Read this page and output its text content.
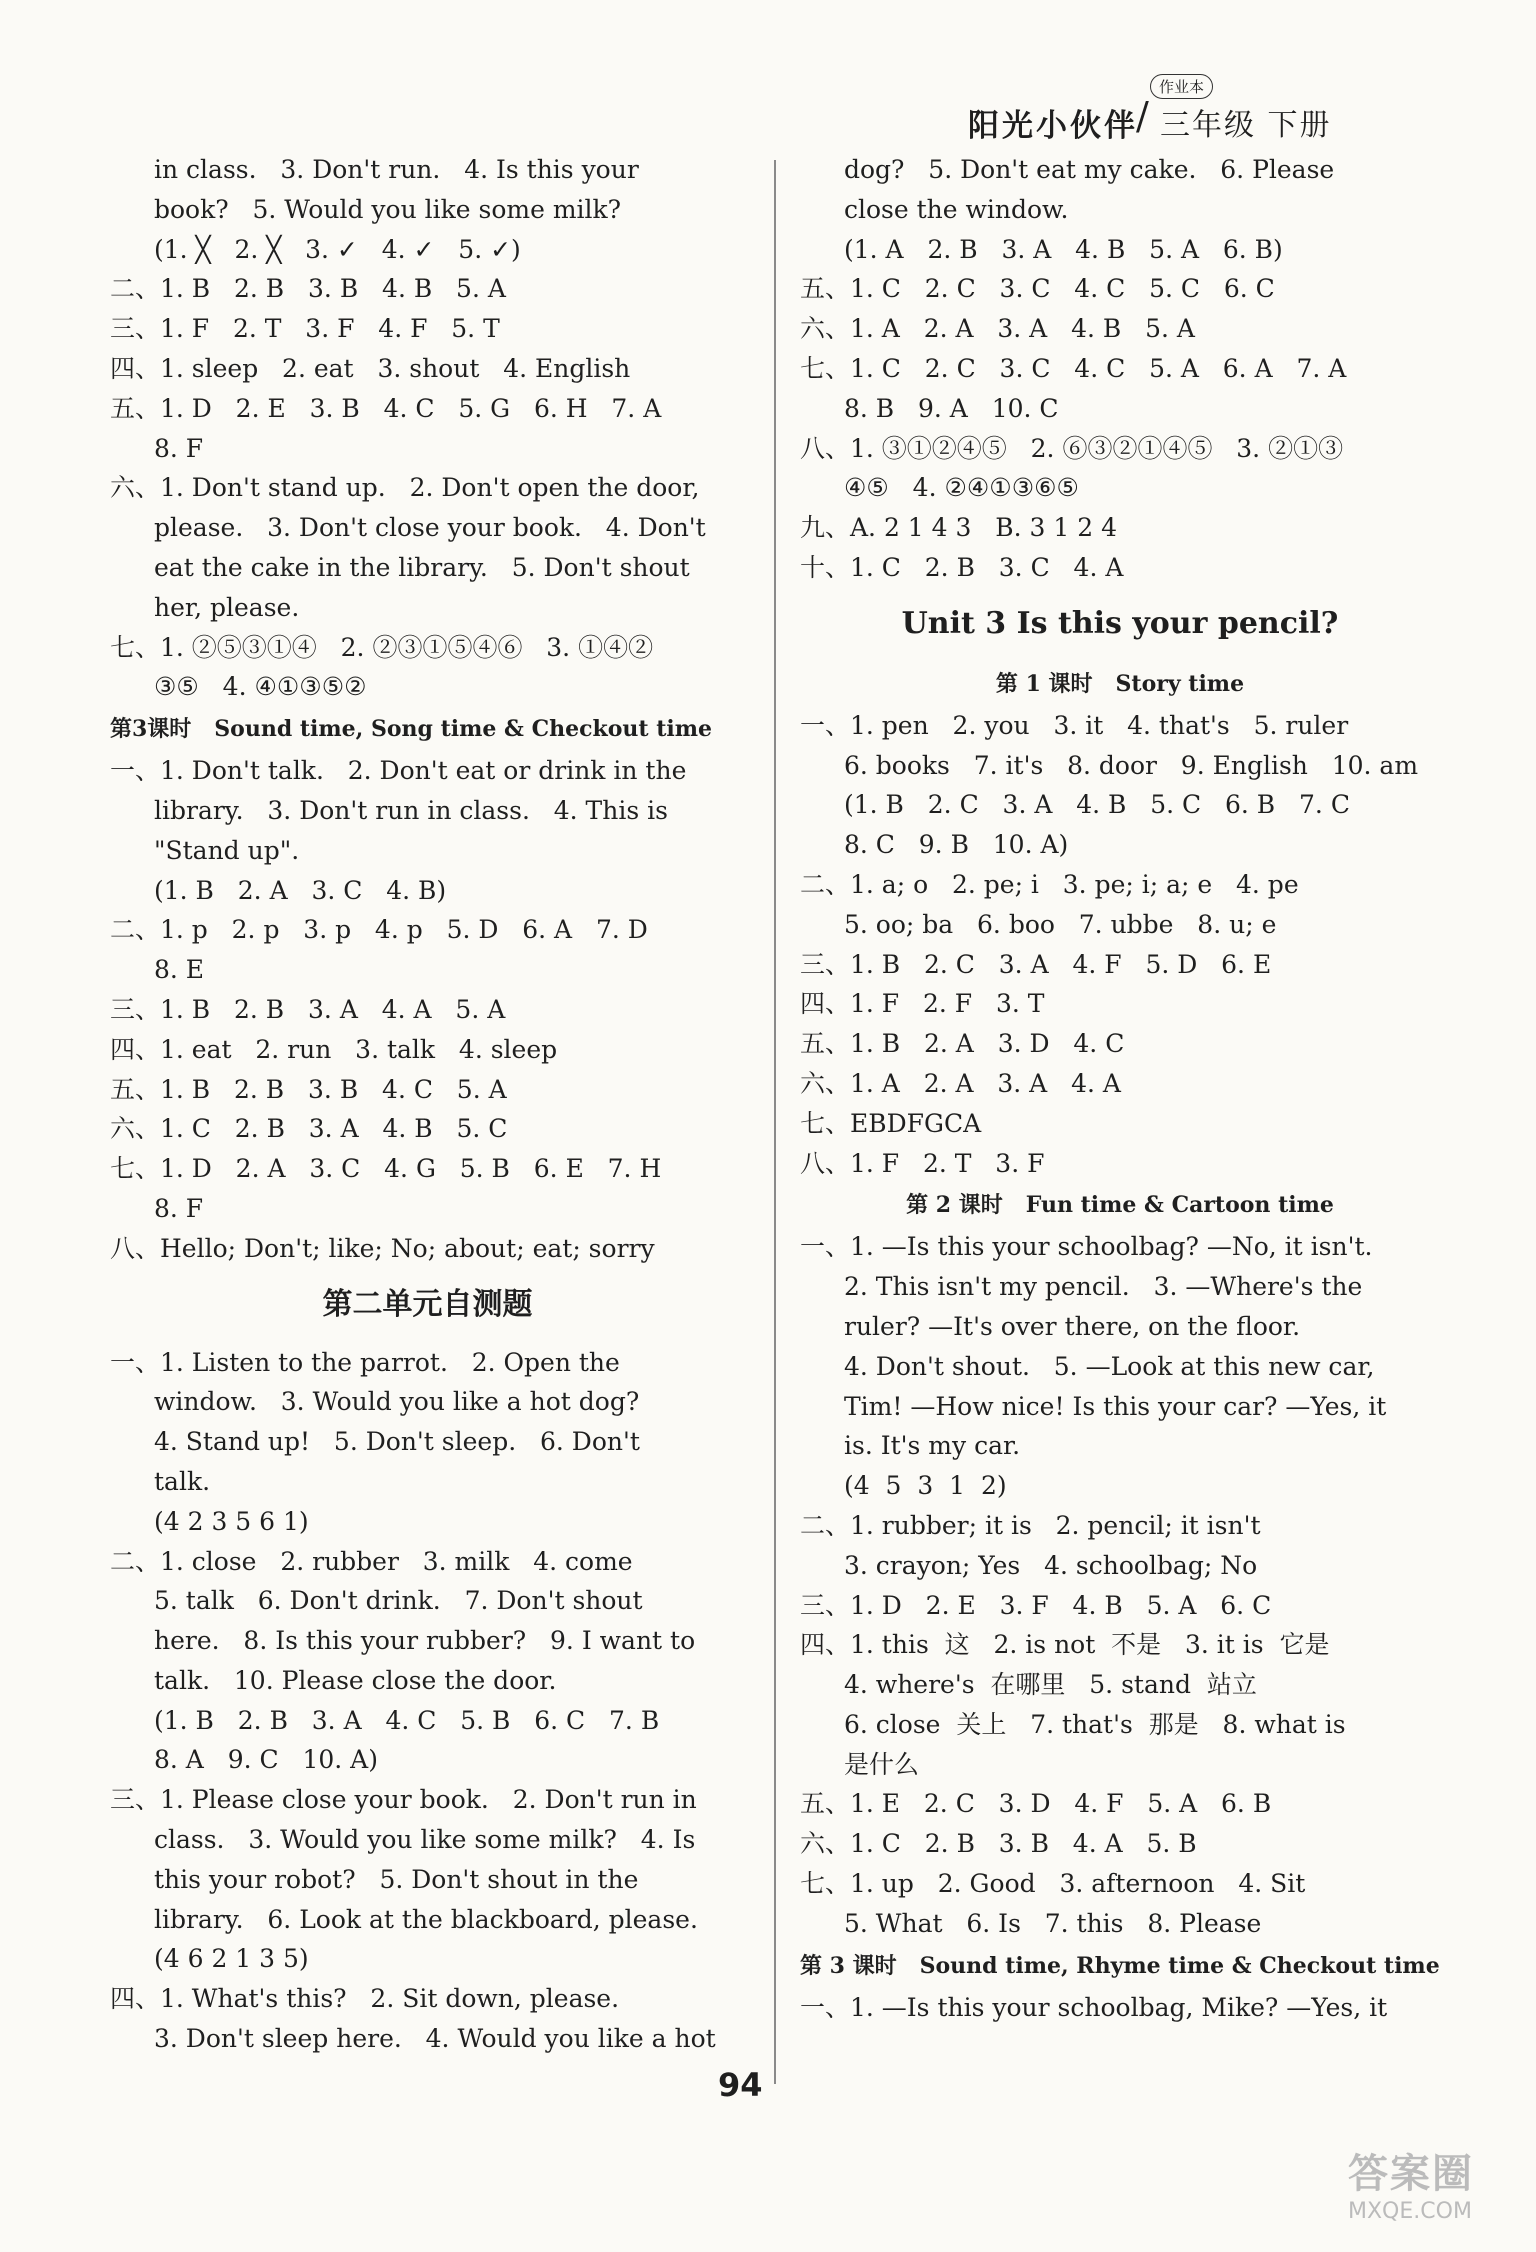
阳光小伙伴
作业本
/ 三年级 下册
in class.   3. Don't run.   4. Is this your
book?   5. Would you like some milk?
(1. ╳   2. ╳   3. ✓   4. ✓   5. ✓)
二、1. B   2. B   3. B   4. B   5. A
三、1. F   2. T   3. F   4. F   5. T
四、1. sleep   2. eat   3. shout   4. English
五、1. D   2. E   3. B   4. C   5. G   6. H   7. A
8. F
六、1. Don't stand up.   2. Don't open the door,
please.   3. Don't close your book.   4. Don't
eat the cake in the library.   5. Don't shout
her, please.
七、1. ②⑤③①④   2. ②③①⑤④⑥   3. ①④②
③⑤   4. ④①③⑤②
第3课时   Sound time, Song time & Checkout time
一、1. Don't talk.   2. Don't eat or drink in the
library.   3. Don't run in class.   4. This is
"Stand up".
(1. B   2. A   3. C   4. B)
二、1. p   2. p   3. p   4. p   5. D   6. A   7. D
8. E
三、1. B   2. B   3. A   4. A   5. A
四、1. eat   2. run   3. talk   4. sleep
五、1. B   2. B   3. B   4. C   5. A
六、1. C   2. B   3. A   4. B   5. C
七、1. D   2. A   3. C   4. G   5. B   6. E   7. H
8. F
八、Hello; Don't; like; No; about; eat; sorry
第二单元自测题
一、1. Listen to the parrot.   2. Open the
window.   3. Would you like a hot dog?
4. Stand up!   5. Don't sleep.   6. Don't
talk.
(4 2 3 5 6 1)
二、1. close   2. rubber   3. milk   4. come
5. talk   6. Don't drink.   7. Don't shout
here.   8. Is this your rubber?   9. I want to
talk.   10. Please close the door.
(1. B   2. B   3. A   4. C   5. B   6. C   7. B
8. A   9. C   10. A)
三、1. Please close your book.   2. Don't run in
class.   3. Would you like some milk?   4. Is
this your robot?   5. Don't shout in the
library.   6. Look at the blackboard, please.
(4 6 2 1 3 5)
四、1. What's this?   2. Sit down, please.
3. Don't sleep here.   4. Would you like a hot
dog?   5. Don't eat my cake.   6. Please
close the window.
(1. A   2. B   3. A   4. B   5. A   6. B)
五、1. C   2. C   3. C   4. C   5. C   6. C
六、1. A   2. A   3. A   4. B   5. A
七、1. C   2. C   3. C   4. C   5. A   6. A   7. A
8. B   9. A   10. C
八、1. ③①②④⑤   2. ⑥③②①④⑤   3. ②①③
④⑤   4. ②④①③⑥⑤
九、A. 2 1 4 3   B. 3 1 2 4
十、1. C   2. B   3. C   4. A
Unit 3 Is this your pencil?
第 1 课时   Story time
一、1. pen   2. you   3. it   4. that's   5. ruler
6. books   7. it's   8. door   9. English   10. am
(1. B   2. C   3. A   4. B   5. C   6. B   7. C
8. C   9. B   10. A)
二、1. a; o   2. pe; i   3. pe; i; a; e   4. pe
5. oo; ba   6. boo   7. ubbe   8. u; e
三、1. B   2. C   3. A   4. F   5. D   6. E
四、1. F   2. F   3. T
五、1. B   2. A   3. D   4. C
六、1. A   2. A   3. A   4. A
七、EBDFGCA
八、1. F   2. T   3. F
第 2 课时   Fun time & Cartoon time
一、1. —Is this your schoolbag? —No, it isn't.
2. This isn't my pencil.   3. —Where's the
ruler? —It's over there, on the floor.
4. Don't shout.   5. —Look at this new car,
Tim! —How nice! Is this your car? —Yes, it
is. It's my car.
(4  5  3  1  2)
二、1. rubber; it is   2. pencil; it isn't
3. crayon; Yes   4. schoolbag; No
三、1. D   2. E   3. F   4. B   5. A   6. C
四、1. this  这   2. is not  不是   3. it is  它是
4. where's  在哪里   5. stand  站立
6. close  关上   7. that's  那是   8. what is
是什么
五、1. E   2. C   3. D   4. F   5. A   6. B
六、1. C   2. B   3. B   4. A   5. B
七、1. up   2. Good   3. afternoon   4. Sit
5. What   6. Is   7. this   8. Please
第 3 课时   Sound time, Rhyme time & Checkout time
一、1. —Is this your schoolbag, Mike? —Yes, it
94
答案圈
MXQE.COM
